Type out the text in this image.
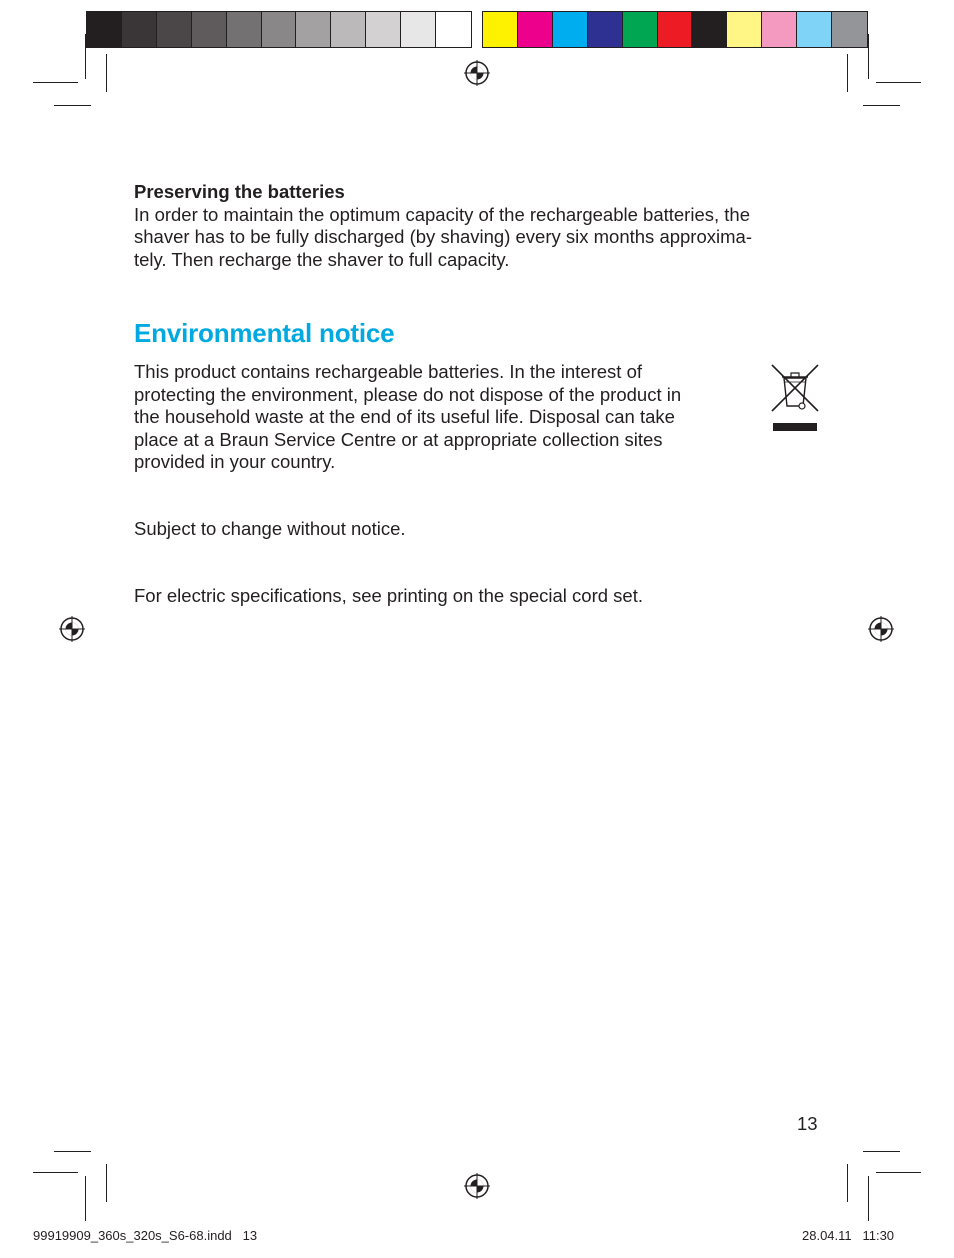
Preserving the batteries
In order to maintain the optimum capacity of the rechargeable batteries, the
shaver has to be fully discharged (by shaving) every six months approxima-
tely. Then recharge the shaver to full capacity.
Environmental notice
This product contains rechargeable batteries. In the interest of
protecting the environment, please do not dispose of the product in
the household waste at the end of its useful life. Disposal can take
place at a Braun Service Centre or at appropriate collection sites
provided in your country.
Subject to change without notice.
For electric specifications, see printing on the special cord set.
13
99919909_360s_320s_S6-68.indd   13	28.04.11   11:30
